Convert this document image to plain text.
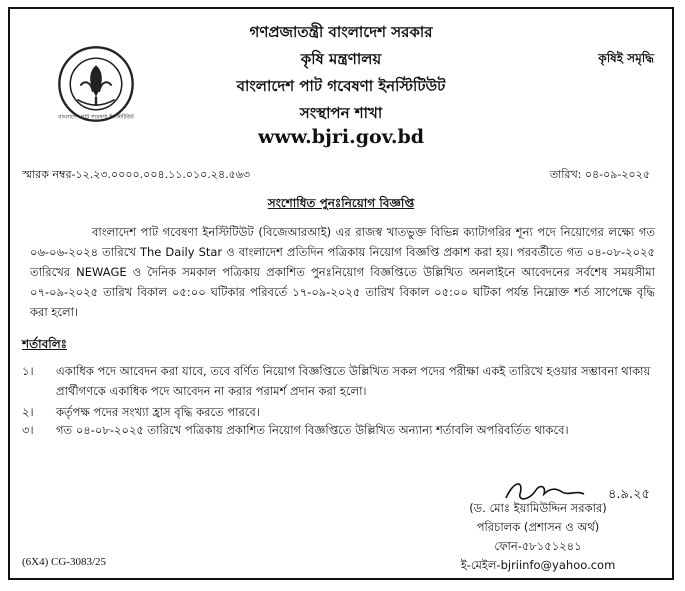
বাংলাদেশ পাট গবেষণা ইনস্টিটিউট
গণপ্রজাতন্ত্রী বাংলাদেশ সরকার
কৃষি মন্ত্রণালয়
বাংলাদেশ পাট গবেষণা ইনস্টিটিউট
সংস্থাপন শাখা
www.bjri.gov.bd
কৃষিই সমৃদ্ধি
স্মারক নম্বর-১২.২৩.০০০০.০০৪.১১.০১০.২৪.৫৬৩	তারিখ: ০৪-০৯-২০২৫
সংশোধিত পুনঃনিয়োগ বিজ্ঞপ্তি
বাংলাদেশ পাট গবেষণা ইনস্টিটিউট (বিজেআরআই) এর রাজস্ব খাতভুক্ত বিভিন্ন ক্যাটাগরির শূন্য পদে নিয়োগের লক্ষ্যে গত ০৬-০৬-২০২৪ তারিখে The Daily Star ও বাংলাদেশ প্রতিদিন পত্রিকায় নিয়োগ বিজ্ঞপ্তি প্রকাশ করা হয়। পরবর্তীতে গত ০৪-০৮-২০২৫ তারিখের NEWAGE ও দৈনিক সমকাল পত্রিকায় প্রকাশিত পুনঃনিয়োগ বিজ্ঞপ্তিতে উল্লিখিত অনলাইনে আবেদনের সর্বশেষ সময়সীমা ০৭-০৯-২০২৫ তারিখ বিকাল ০৫:০০ ঘটিকার পরিবর্তে ১৭-০৯-২০২৫ তারিখ বিকাল ০৫:০০ ঘটিকা পর্যন্ত নিম্নোক্ত শর্ত সাপেক্ষে বৃদ্ধি করা হলো।
শর্তাবলিঃ
১।	একাধিক পদে আবেদন করা যাবে, তবে বর্ণিত নিয়োগ বিজ্ঞপ্তিতে উল্লিখিত সকল পদের পরীক্ষা একই তারিখে হওয়ার সম্ভাবনা থাকায় প্রার্থীগণকে একাধিক পদে আবেদন না করার পরামর্শ প্রদান করা হলো।
২।	কর্তৃপক্ষ পদের সংখ্যা হ্রাস বৃদ্ধি করতে পারবে।
৩।	গত ০৪-০৮-২০২৫ তারিখে পত্রিকায় প্রকাশিত নিয়োগ বিজ্ঞপ্তিতে উল্লিখিত অন্যান্য শর্তাবলি অপরিবর্তিত থাকবে।
৪.৯.২৫
(ড. মোঃ ইয়ামিউদ্দিন সরকার)
পরিচালক (প্রশাসন ও অর্থ)
ফোন-৫৮১৫১২৪১
ই-মেইল-bjriinfo@yahoo.com
(6X4) CG-3083/25
